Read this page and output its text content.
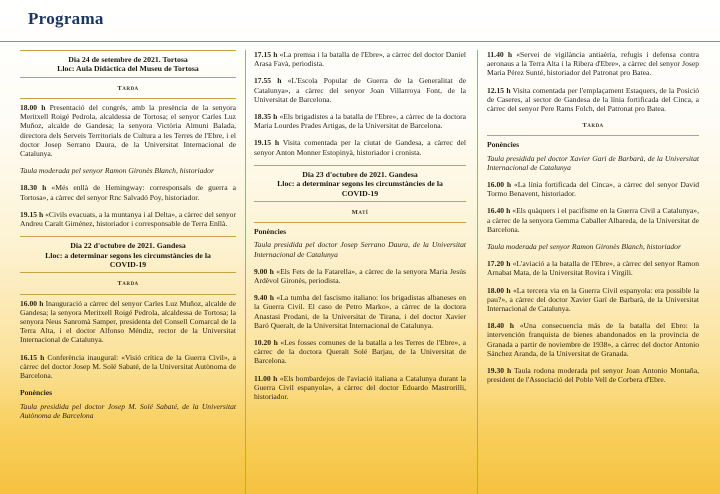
Programa
Dia 24 de setembre de 2021. Tortosa
Lloc: Aula Didàctica del Museu de Tortosa
Tarda

18.00 h Presentació del congrés, amb la presència de la senyora Meritxell Roigé Pedrola, alcaldessa de Tortosa; el senyor Carles Luz Muñoz, alcalde de Gandesa; la senyora Victòria Almuni Balada, directora dels Serveis Territorials de Cultura a les Terres de l'Ebre, i el doctor Josep Serrano Daura, de la Universitat Internacional de Catalunya.

Taula moderada pel senyor Ramon Gironès Blanch, historiador

18.30 h «Més enllà de Hemingway: corresponsals de guerra a Tortosa», a càrrec del senyor Rnc Salvadó Poy, historiador.

19.15 h «Civils evacuats, a la muntanya i al Delta», a càrrec del senyor Andreu Caralt Giménez, historiador i corresponsable de Terra Enllà.

Dia 22 d'octubre de 2021. Gandesa
Lloc: a determinar segons les circumstàncies de la
COVID-19
Tarda

16.00 h Inauguració a càrrec del senyor Carles Luz Muñoz, alcalde de Gandesa; la senyora Meritxell Roigé Pedrola, alcaldessa de Tortosa; la senyora Neus Sanromà Samper, presidenta del Consell Comarcal de la Terra Alta, i el doctor Alfonso Méndiz, rector de la Universitat Internacional de Catalunya.

16.15 h Conferència inaugural: «Visió crítica de la Guerra Civil», a càrrec del doctor Josep M. Solé Sabaté, de la Universitat Autònoma de Barcelona.

Ponències

Taula presidida pel doctor Josep M. Solé Sabaté, de la Universitat Autònoma de Barcelona

17.15 h «La premsa i la batalla de l'Ebre», a càrrec del doctor Daniel Arasa Favà, periodista.

17.55 h «L'Escola Popular de Guerra de la Generalitat de Catalunya», a càrrec del senyor Joan Villarroya Font, de la Universitat de Barcelona.

18.35 h «Els brigadistes a la batalla de l'Ebre», a càrrec de la doctora Maria Lourdes Prades Artigas, de la Universitat de Barcelona.

19.15 h Visita comentada per la ciutat de Gandesa, a càrrec del senyor Anton Monner Estopinyà, historiador i cronista.

Dia 23 d'octubre de 2021. Gandesa
Lloc: a determinar segons les circumstàncies de la
COVID-19
Matí
Ponències

Taula presidida pel doctor Josep Serrano Daura, de la Universitat Internacional de Catalunya

9.00 h «Els Fets de la Fatarella», a càrrec de la senyora Maria Jesús Ardèvol Gironès, periodista.

9.40 h «La tumba del fascismo italiano: los brigadistas albaneses en la Guerra Civil. El caso de Petro Marko», a càrrec de la doctora Anastasi Prodani, de la Universitat de Tirana, i del doctor Xavier Baró Queralt, de la Universitat Internacional de Catalunya.

10.20 h «Les fosses comunes de la batalla a les Terres de l'Ebre», a càrrec de la doctora Queralt Solé Barjau, de la Universitat de Barcelona.

11.00 h «Els bombardejos de l'aviació italiana a Catalunya durant la Guerra Civil espanyola», a càrrec del doctor Edoardo Mastrorilli, historiador.

11.40 h «Servei de vigilància antiaèria, refugis i defensa contra aeronaus a la Terra Alta i la Ribera d'Ebre», a càrrec del senyor Josep Maria Pérez Sunté, historiador del Patronat pro Batea.

12.15 h Visita comentada per l'emplaçament Estaquers, de la Posició de Caseres, al sector de Gandesa de la línia fortificada del Cinca, a càrrec del senyor Pere Rams Folch, del Patronat pro Batea.

Tarda
Ponències

Taula presidida pel doctor Xavier Gari de Barbarà, de la Universitat Internacional de Catalunya

16.00 h «La línia fortificada del Cinca», a càrrec del senyor David Tormo Benavent, historiador.

16.40 h «Els quàquers i el pacifisme en la Guerra Civil a Catalunya», a càrrec de la senyora Gemma Caballer Albareda, de la Universitat de Barcelona.

Taula moderada pel senyor Ramon Gironès Blanch, historiador

17.20 h «L'aviació a la batalla de l'Ebre», a càrrec del senyor Ramon Arnabat Mata, de la Universitat Rovira i Virgili.

18.00 h «La tercera via en la Guerra Civil espanyola: era possible la pau?», a càrrec del doctor Xavier Garí de Barbarà, de la Universitat Internacional de Catalunya.

18.40 h «Una consecuencia más de la batalla del Ebro: la intervención franquista de bienes abandonados en la provincia de Granada a partir de noviembre de 1938», a càrrec del doctor Antonio Sánchez Aranda, de la Universitat de Granada.

19.30 h Taula rodona moderada pel senyor Joan Antonio Montaña, president de l'Associació del Poble Vell de Corbera d'Ebre.
